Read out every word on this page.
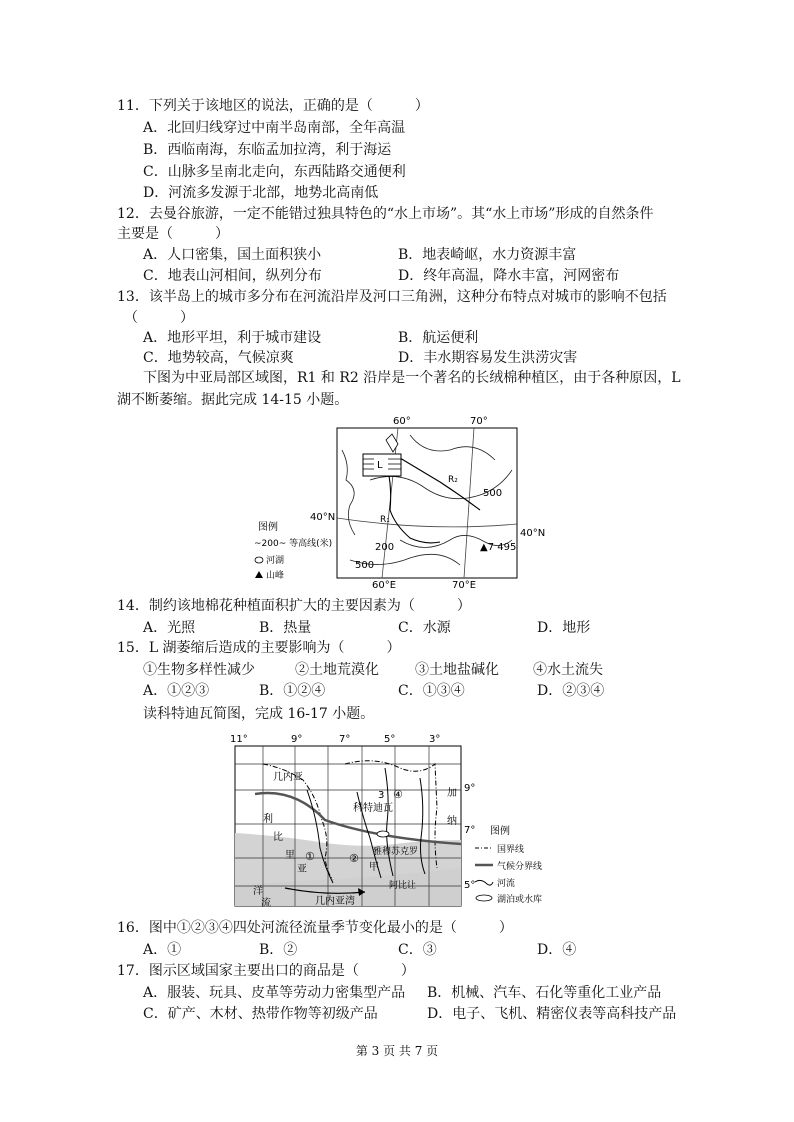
11．下列关于该地区的说法，正确的是（　　　）
A．北回归线穿过中南半岛南部，全年高温
B．西临南海，东临孟加拉湾，利于海运
C．山脉多呈南北走向，东西陆路交通便利
D．河流多发源于北部，地势北高南低
12．去曼谷旅游，一定不能错过独具特色的“水上市场”。其“水上市场”形成的自然条件
主要是（　　　）
A．人口密集，国土面积狭小	B．地表崎岖，水力资源丰富
C．地表山河相间，纵列分布	D．终年高温，降水丰富，河网密布
13．该半岛上的城市多分布在河流沿岸及河口三角洲，这种分布特点对城市的影响不包括
（　　　）
A．地形平坦，利于城市建设	B．航运便利
C．地势较高，气候凉爽	D．丰水期容易发生洪涝灾害
下图为中亚局部区域图，R1 和 R2 沿岸是一个著名的长绒棉种植区，由于各种原因，L
湖不断萎缩。据此完成 14-15 小题。
L
60°	70°
60°E	70°E
40°N
40°N
R₁
R₂
500
200
500
▲7 495
图例
~200~ 等高线(米)
河湖
山峰
14．制约该地棉花种植面积扩大的主要因素为（　　　）
A．光照	B．热量	C．水源	D．地形
15．L 湖萎缩后造成的主要影响为（　　　）
①生物多样性减少	②土地荒漠化	③土地盐碱化 ④水土流失
A．①②③	B．①②④	C．①③④	D．②③④
读科特迪瓦简图，完成 16-17 小题。
11°	9°	7°	5°	3°
9°
7°
5°
几内亚
科特迪瓦
加
纳
利
比
里
亚
雅穆苏克罗
甲
阿比让
洋
流	几内亚湾
①	②
3 ④
图例
国界线
气候分界线
河流
湖泊或水库
16．图中①②③④四处河流径流量季节变化最小的是（　　　）
A．①	B．②	C．③	D．④
17．图示区域国家主要出口的商品是（　　　）
A．服装、玩具、皮革等劳动力密集型产品 B．机械、汽车、石化等重化工业产品
C．矿产、木材、热带作物等初级产品	D．电子、飞机、精密仪表等高科技产品
第 3 页 共 7 页
